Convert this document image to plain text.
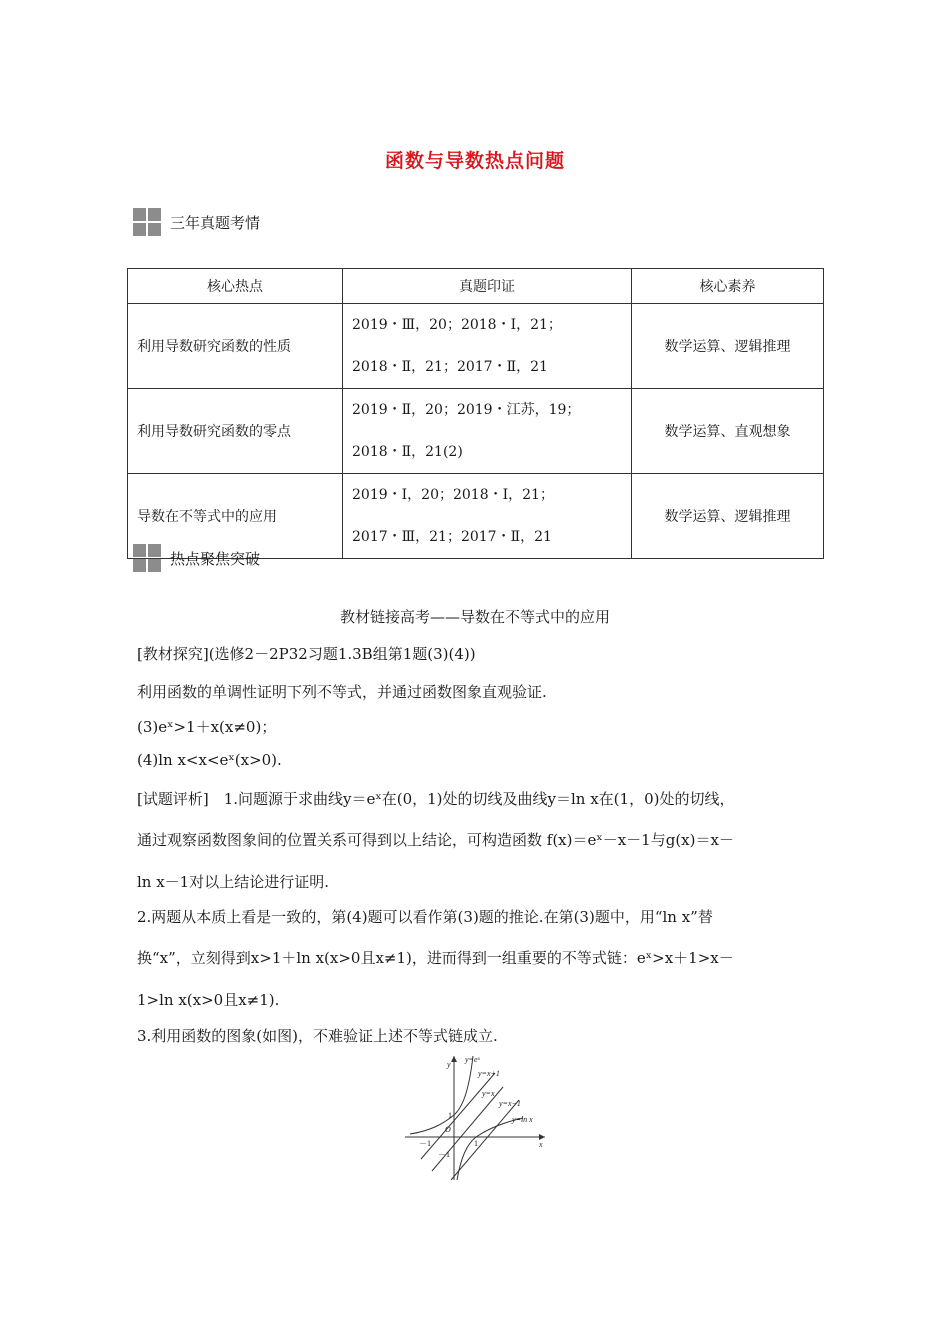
函数与导数热点问题
三年真题考情
核心热点	真题印证	核心素养
利用导数研究函数的性质	2019・Ⅲ，20；2018・Ⅰ，21；
2018・Ⅱ，21；2017・Ⅱ，21	数学运算、逻辑推理
利用导数研究函数的零点	2019・Ⅱ，20；2019・江苏，19；
2018・Ⅱ，21(2)	数学运算、直观想象
导数在不等式中的应用	2019・Ⅰ，20；2018・Ⅰ，21；
2017・Ⅲ，21；2017・Ⅱ，21	数学运算、逻辑推理
热点聚焦突破
教材链接高考——导数在不等式中的应用
[教材探究](选修2－2P32习题1.3B组第1题(3)(4))
利用函数的单调性证明下列不等式，并通过函数图象直观验证.
(3)eˣ>1＋x(x≠0)；
(4)ln x<x<eˣ(x>0).
[试题评析]　1.问题源于求曲线y＝eˣ在(0，1)处的切线及曲线y＝ln x在(1，0)处的切线，
通过观察函数图象间的位置关系可得到以上结论，可构造函数 f(x)＝eˣ－x－1与g(x)＝x－
ln x－1对以上结论进行证明.
2.两题从本质上看是一致的，第(4)题可以看作第(3)题的推论.在第(3)题中，用“ln x”替
换“x”，立刻得到x>1＋ln x(x>0且x≠1)，进而得到一组重要的不等式链：eˣ>x＋1>x－
1>ln x(x>0且x≠1).
3.利用函数的图象(如图)，不难验证上述不等式链成立.
y
x
O
1
1
－1
－1
y=eˣ
y=x+1
y=x
y=x−1
y=ln x
